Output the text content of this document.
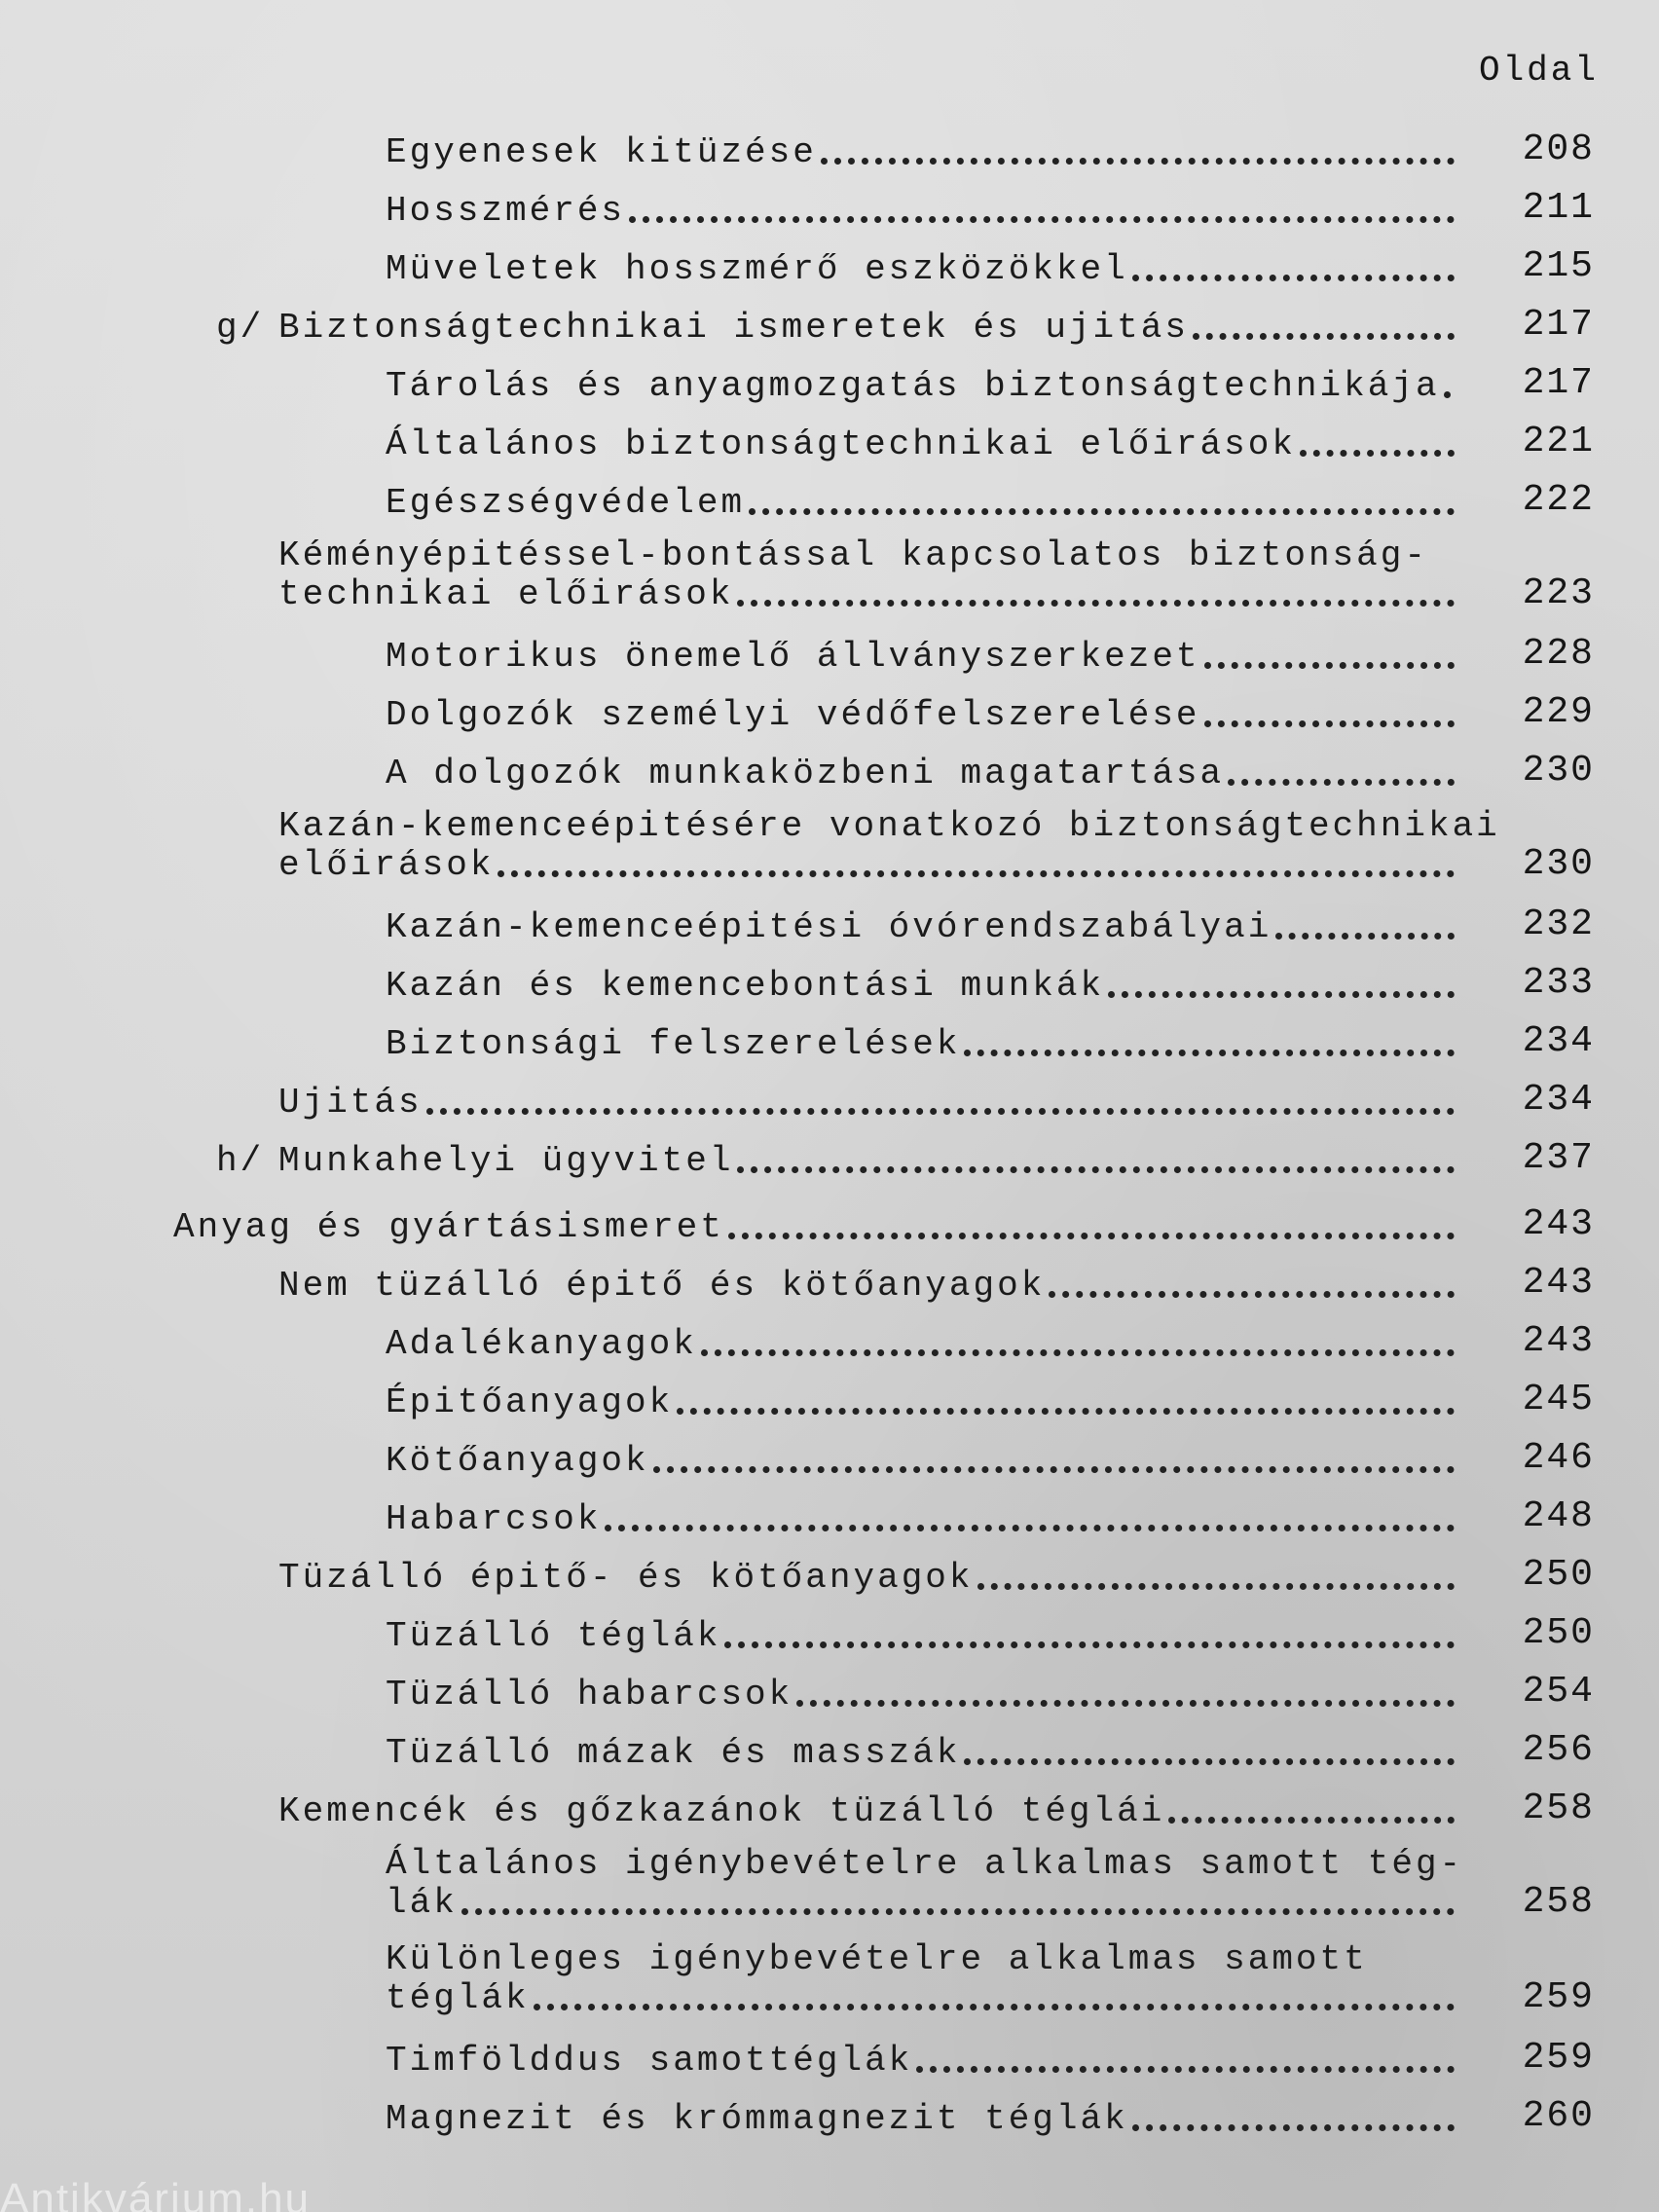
Oldal
Egyenesek kitüzése	208
Hosszmérés	211
Müveletek hosszmérő eszközökkel	215
g/ Biztonságtechnikai ismeretek és ujitás	217
Tárolás és anyagmozgatás biztonságtechnikája 217
Általános biztonságtechnikai előirások	221
Egészségvédelem	222
Kéményépitéssel-bontással kapcsolatos biztonság-
technikai előirások	223
Motorikus önemelő állványszerkezet	228
Dolgozók személyi védőfelszerelése	229
A dolgozók munkaközbeni magatartása	230
Kazán-kemenceépitésére vonatkozó biztonságtechnikai
előirások	230
Kazán-kemenceépitési óvórendszabályai	232
Kazán és kemencebontási munkák	233
Biztonsági felszerelések	234
Ujitás	234
h/ Munkahelyi ügyvitel	237
Anyag és gyártásismeret	243
Nem tüzálló épitő és kötőanyagok	243
Adalékanyagok	243
Épitőanyagok	245
Kötőanyagok	246
Habarcsok	248
Tüzálló épitő- és kötőanyagok	250
Tüzálló téglák	250
Tüzálló habarcsok	254
Tüzálló mázak és masszák	256
Kemencék és gőzkazánok tüzálló téglái	258
Általános igénybevételre alkalmas samott tég-
lák	258
Különleges igénybevételre alkalmas samott
téglák	259
Timfölddus samottéglák	259
Magnezit és krómmagnezit téglák	260
Antikvárium.hu
